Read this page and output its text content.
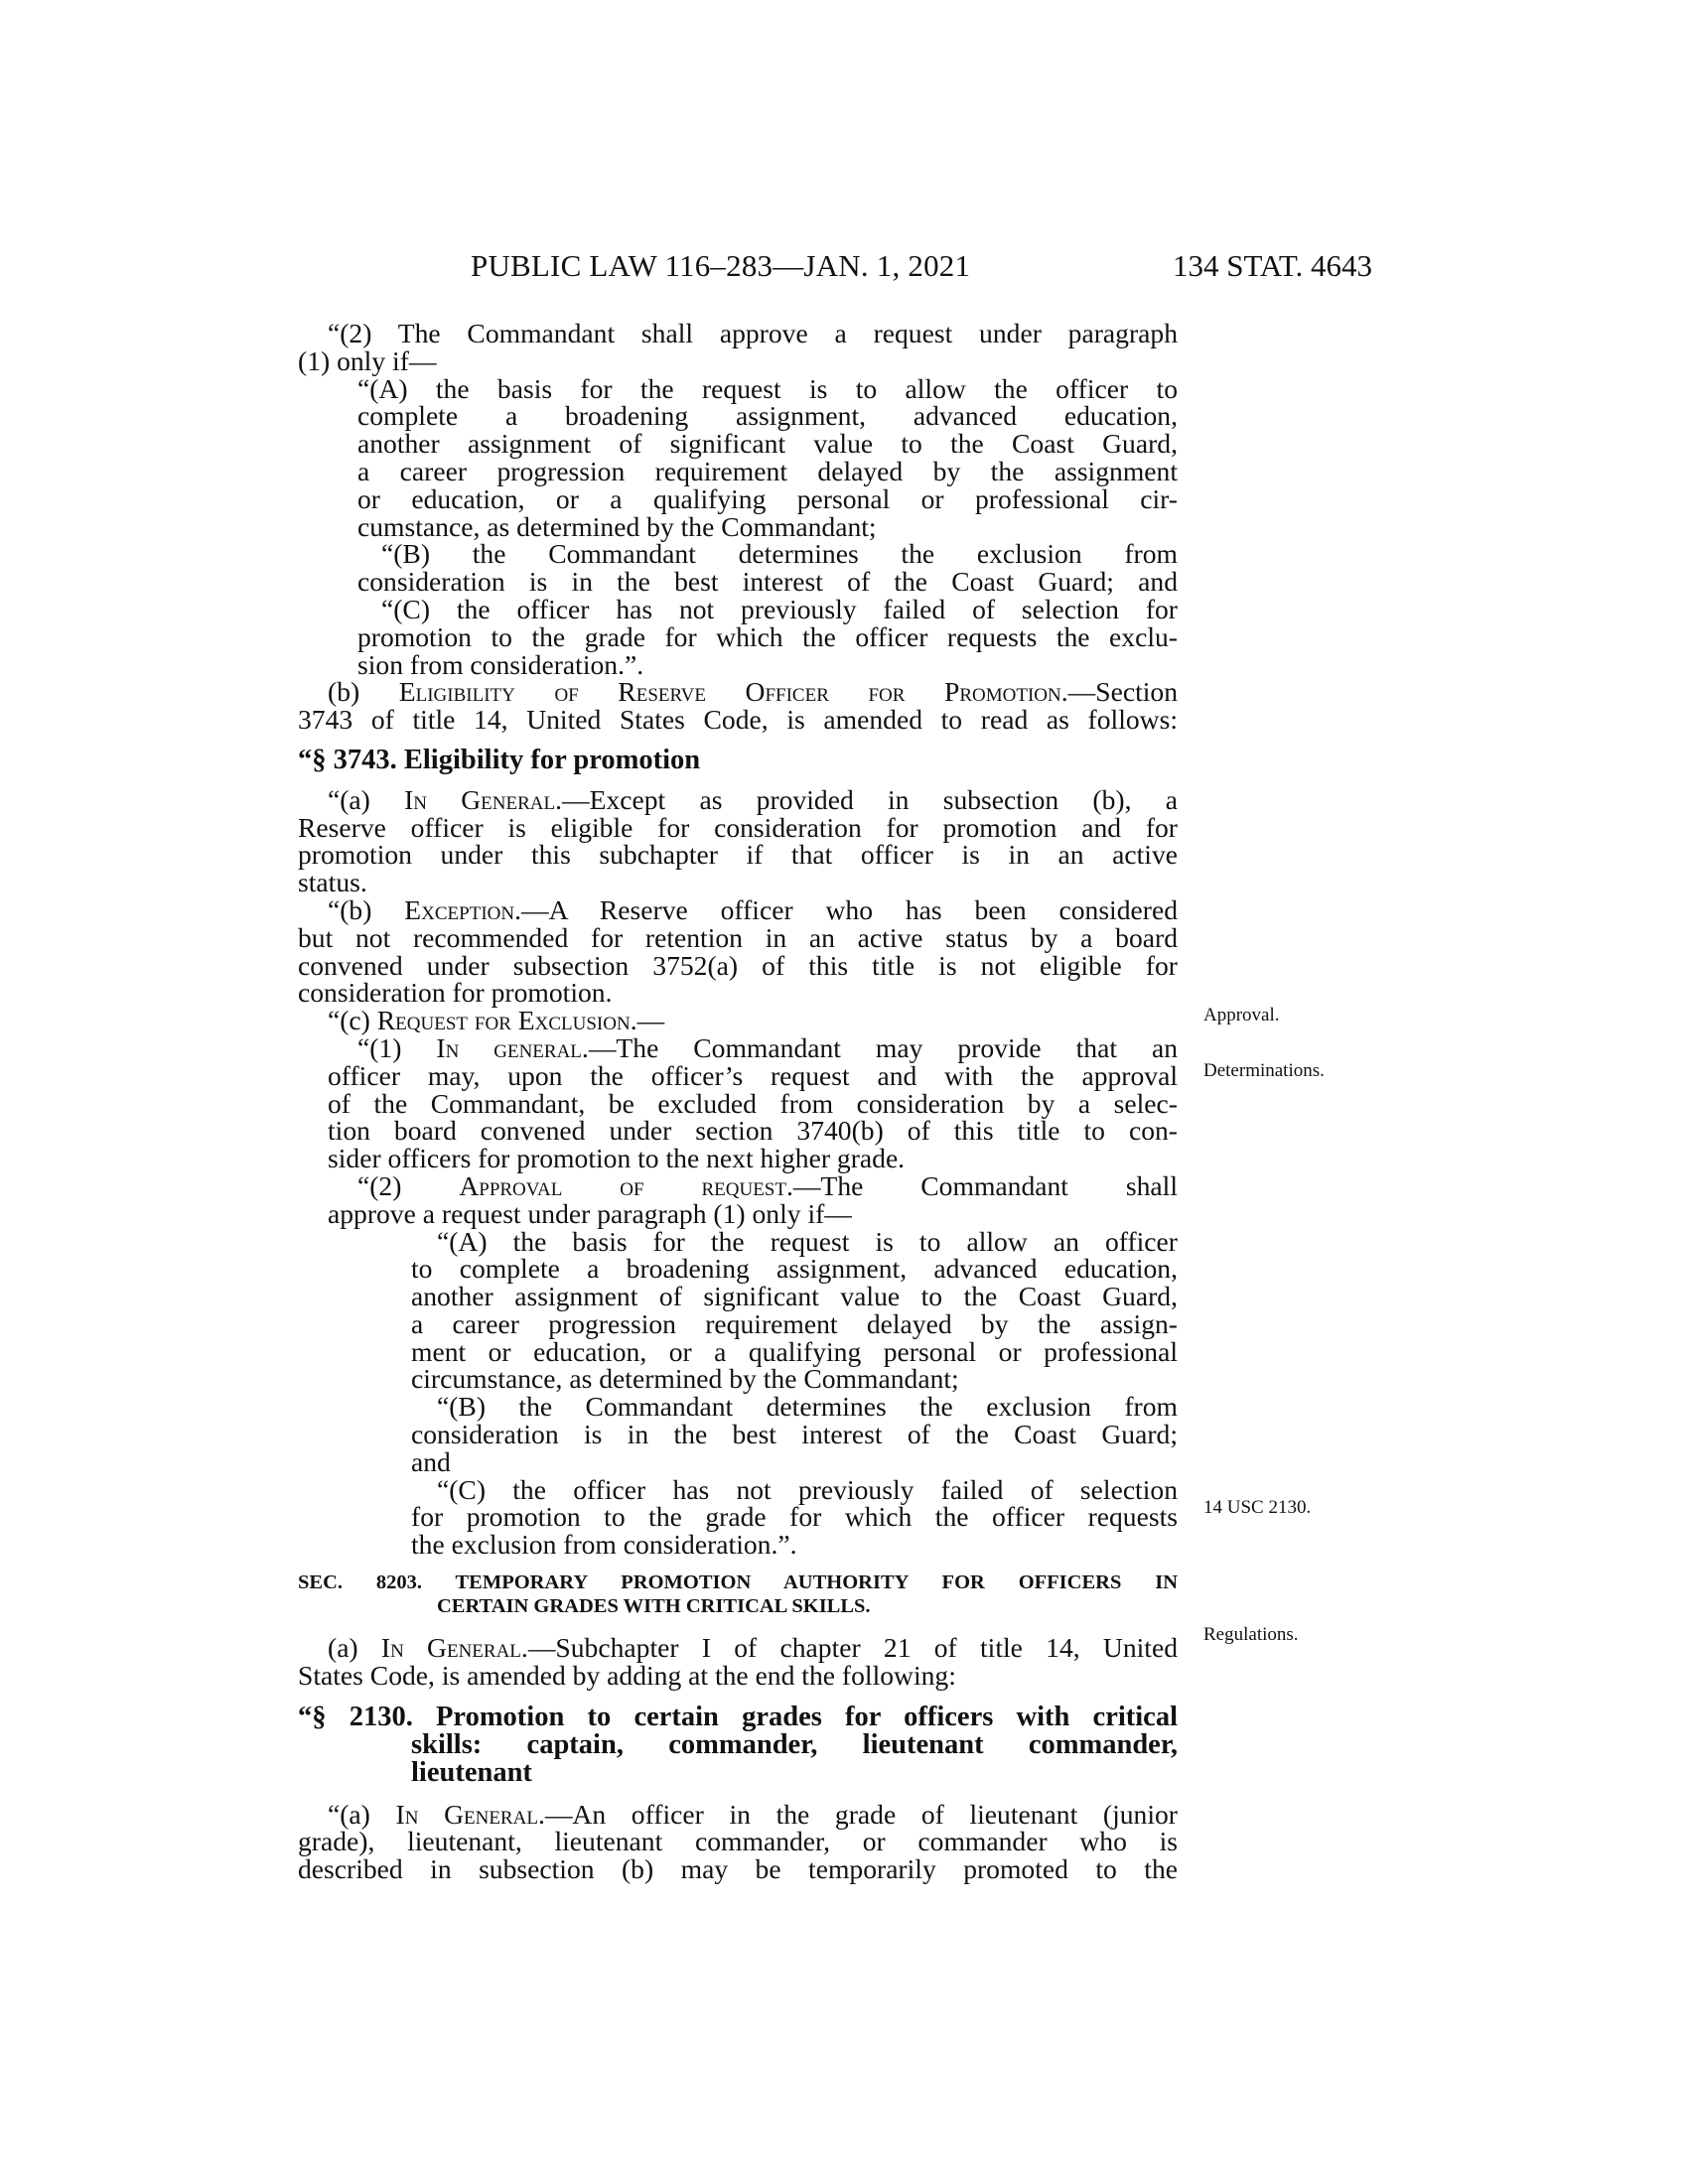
PUBLIC LAW 116–283—JAN. 1, 2021	134 STAT. 4643
Approval.
Determinations.
14 USC 2130.
Regulations.
“(2) The Commandant shall approve a request under paragraph
(1) only if—
“(A) the basis for the request is to allow the officer to
complete a broadening assignment, advanced education,
another assignment of significant value to the Coast Guard,
a career progression requirement delayed by the assignment
or education, or a qualifying personal or professional cir-
cumstance, as determined by the Commandant;
“(B) the Commandant determines the exclusion from
consideration is in the best interest of the Coast Guard; and
“(C) the officer has not previously failed of selection for
promotion to the grade for which the officer requests the exclu-
sion from consideration.”.
(b) Eligibility of Reserve Officer for Promotion.—Section
3743 of title 14, United States Code, is amended to read as follows:
“§ 3743. Eligibility for promotion
“(a) In General.—Except as provided in subsection (b), a
Reserve officer is eligible for consideration for promotion and for
promotion under this subchapter if that officer is in an active
status.
“(b) Exception.—A Reserve officer who has been considered
but not recommended for retention in an active status by a board
convened under subsection 3752(a) of this title is not eligible for
consideration for promotion.
“(c) Request for Exclusion.—
“(1) In general.—The Commandant may provide that an
officer may, upon the officer’s request and with the approval
of the Commandant, be excluded from consideration by a selec-
tion board convened under section 3740(b) of this title to con-
sider officers for promotion to the next higher grade.
“(2) Approval of request.—The Commandant shall
approve a request under paragraph (1) only if—
“(A) the basis for the request is to allow an officer
to complete a broadening assignment, advanced education,
another assignment of significant value to the Coast Guard,
a career progression requirement delayed by the assign-
ment or education, or a qualifying personal or professional
circumstance, as determined by the Commandant;
“(B) the Commandant determines the exclusion from
consideration is in the best interest of the Coast Guard;
and
“(C) the officer has not previously failed of selection
for promotion to the grade for which the officer requests
the exclusion from consideration.”.
SEC. 8203. TEMPORARY PROMOTION AUTHORITY FOR OFFICERS IN
CERTAIN GRADES WITH CRITICAL SKILLS.
(a) In General.—Subchapter I of chapter 21 of title 14, United
States Code, is amended by adding at the end the following:
“§ 2130. Promotion to certain grades for officers with critical
skills: captain, commander, lieutenant commander,
lieutenant
“(a) In General.—An officer in the grade of lieutenant (junior
grade), lieutenant, lieutenant commander, or commander who is
described in subsection (b) may be temporarily promoted to the
